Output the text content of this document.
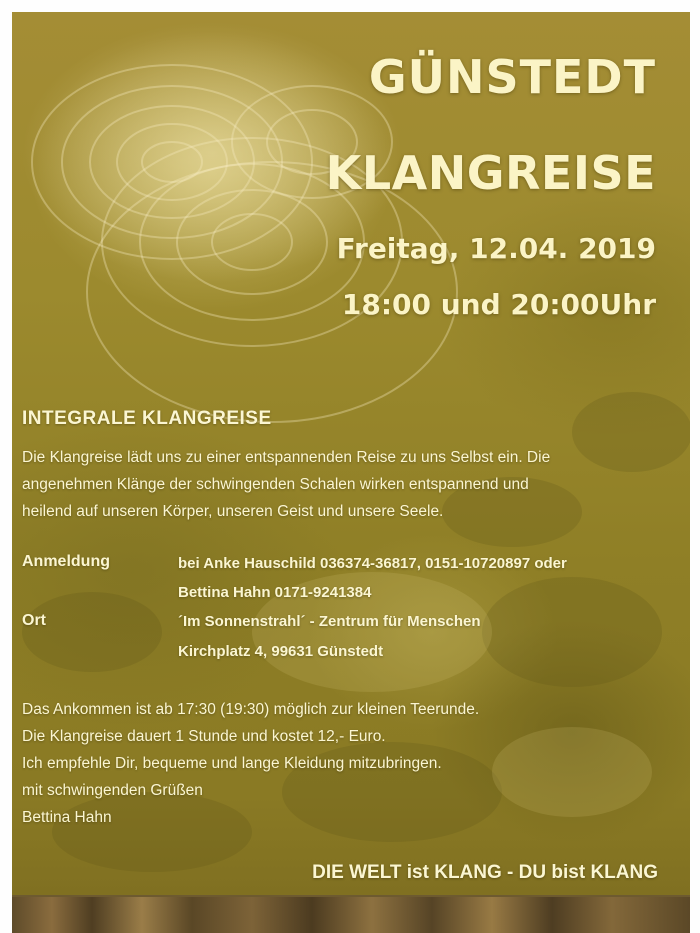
GÜNSTEDT
KLANGREISE
Freitag, 12.04. 2019
18:00 und 20:00Uhr
INTEGRALE KLANGREISE
Die Klangreise lädt uns zu einer entspannenden Reise zu uns Selbst ein. Die
angenehmen Klänge der schwingenden Schalen wirken entspannend und
heilend auf unseren Körper, unseren Geist und unsere Seele.
Anmeldung	bei Anke Hauschild 036374-36817, 0151-10720897 oder
Bettina Hahn 0171-9241384
Ort	´Im Sonnenstrahl´ - Zentrum für Menschen
Kirchplatz 4, 99631 Günstedt
Das Ankommen ist ab 17:30 (19:30) möglich zur kleinen Teerunde.
Die Klangreise dauert 1 Stunde und kostet 12,- Euro.
Ich empfehle Dir, bequeme und lange Kleidung mitzubringen.
mit schwingenden Grüßen
Bettina Hahn
DIE WELT ist KLANG - DU bist KLANG
